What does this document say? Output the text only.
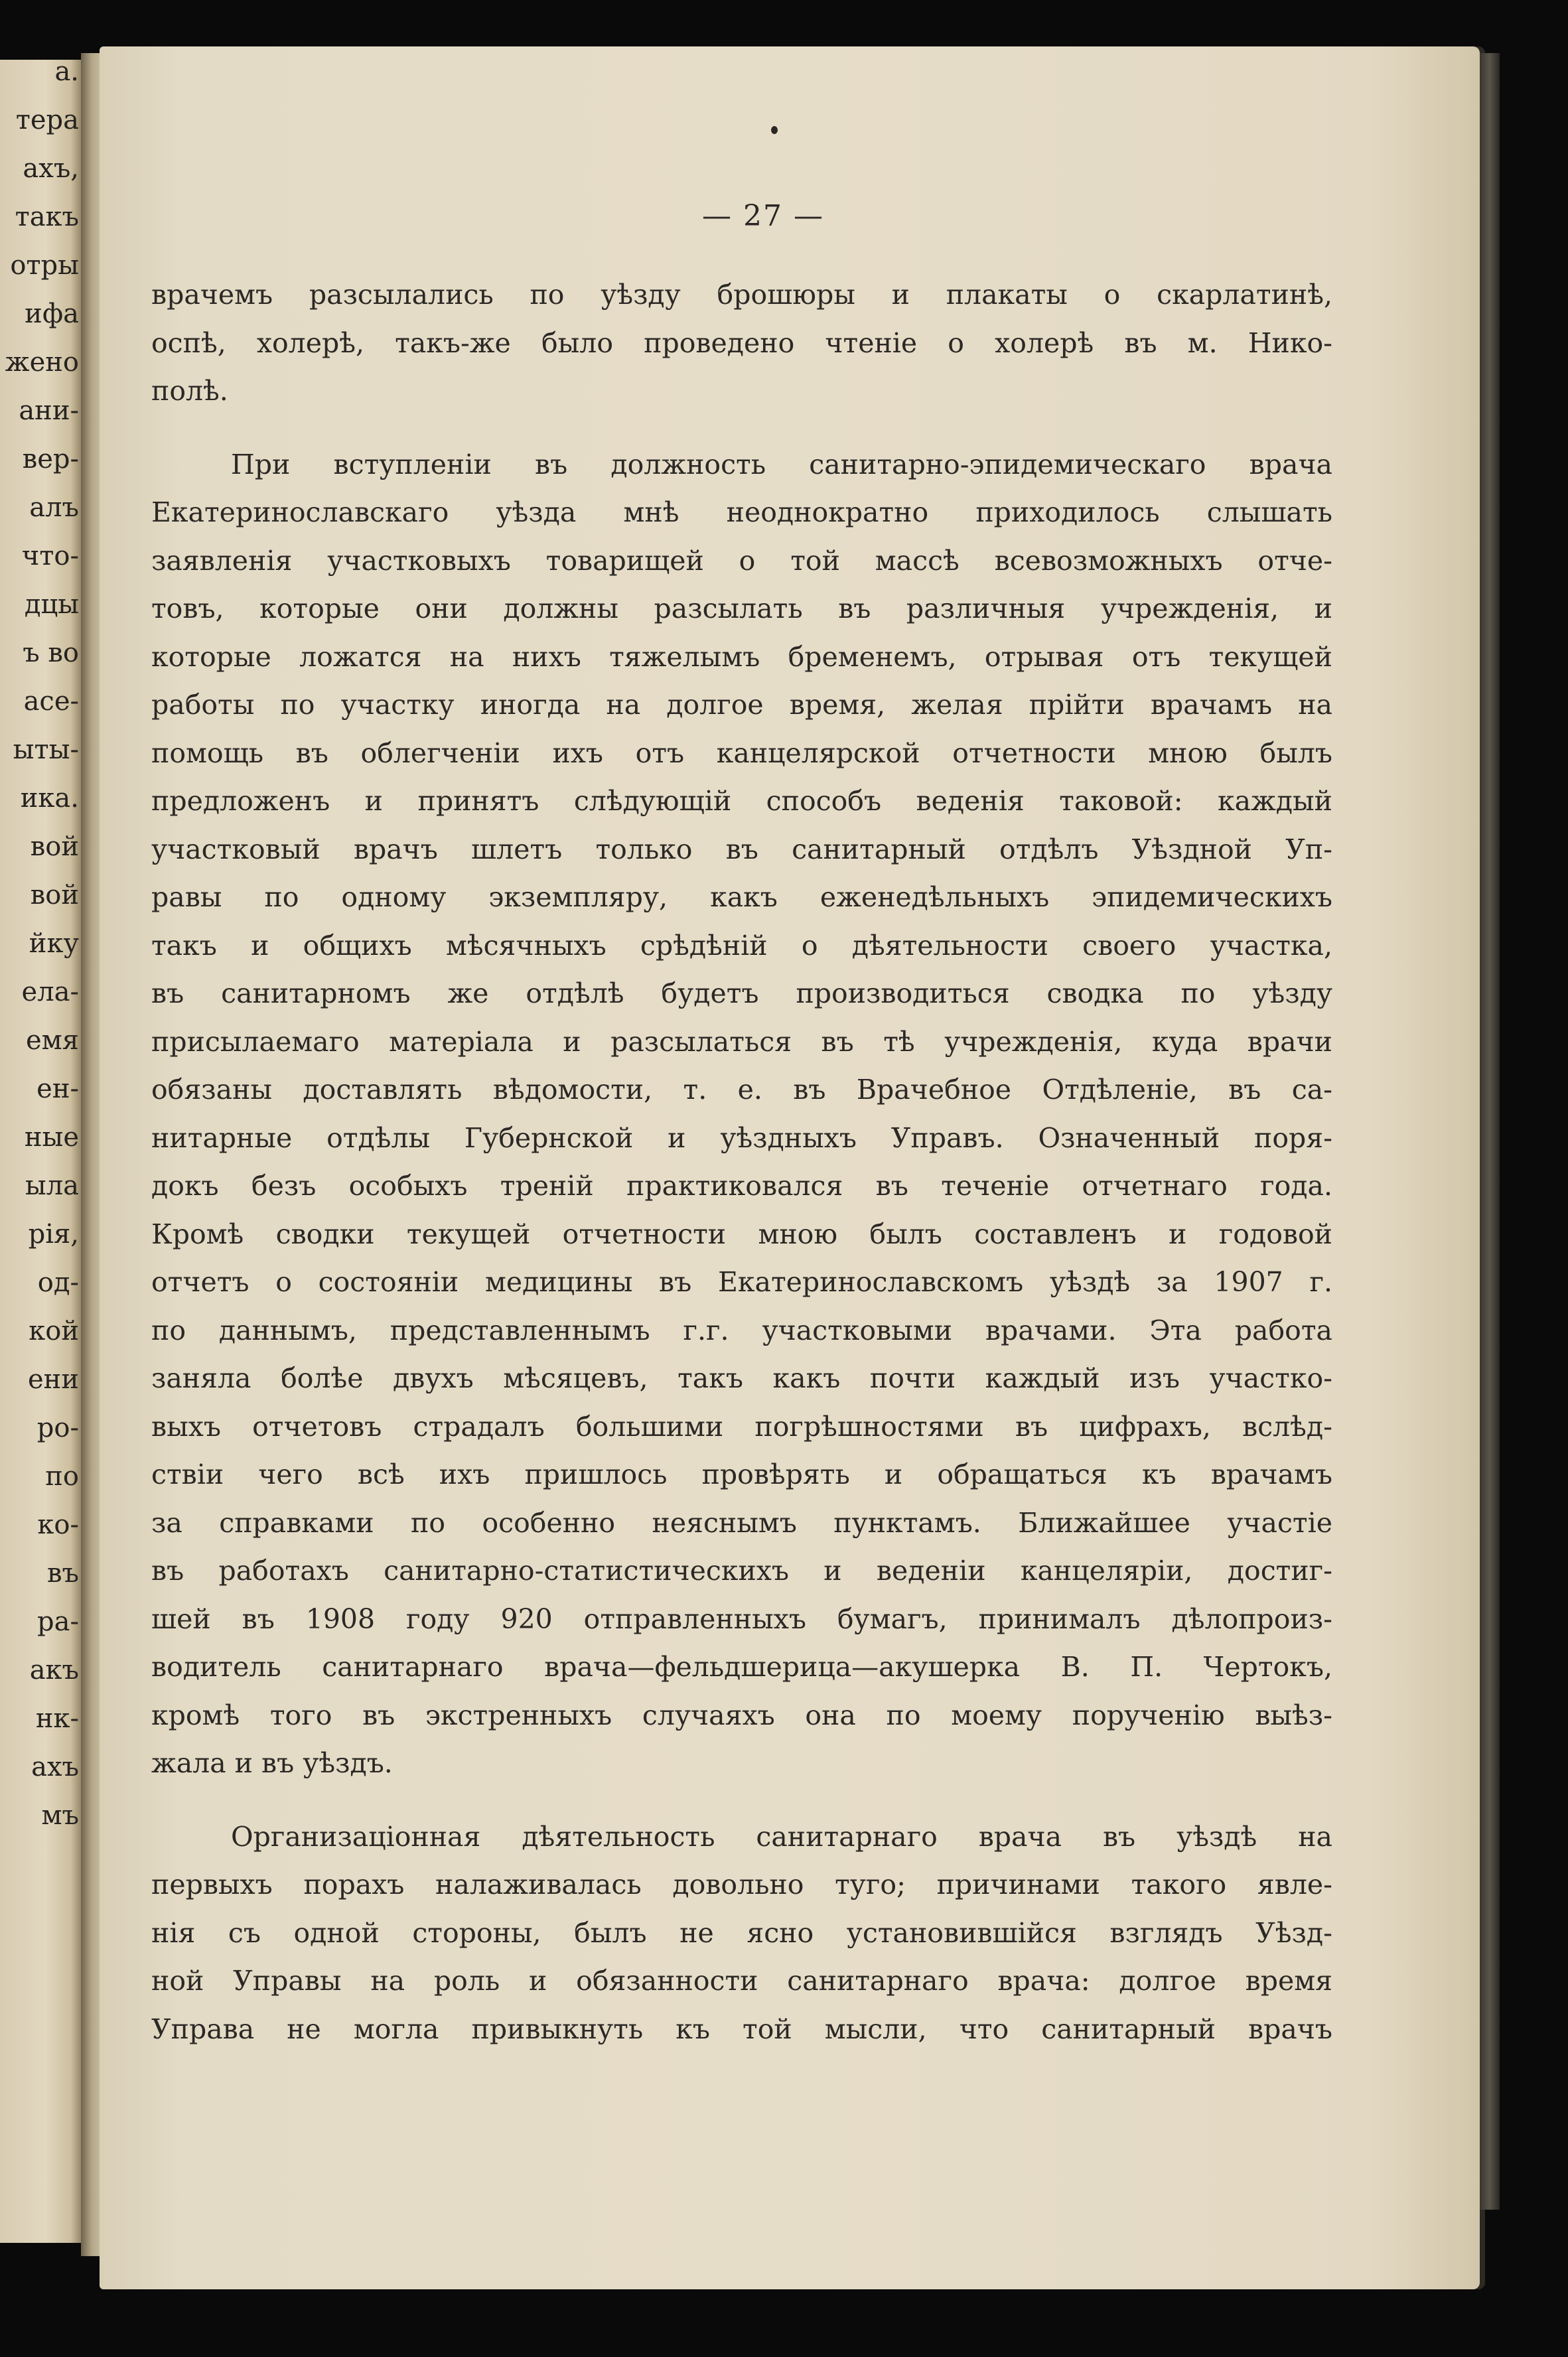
а.
тера
ахъ,
такъ
отры
ифа
жено
ани-
вер-
алъ
что-
дцы
ъ во
асе-
ыты-
ика.
вой
вой
йку
ела-
емя
ен-
ные
ыла
рія,
од-
кой
ени
ро-
по
ко-
въ
ра-
акъ
нк-
ахъ
мъ
— 27 —
врачемъ разсылались по уѣзду брошюры и плакаты о скарлатинѣ,
оспѣ, холерѣ, такъ-же было проведено чтеніе о холерѣ въ м. Нико-
полѣ.
При вступленіи въ должность санитарно-эпидемическаго врача
Екатеринославскаго уѣзда мнѣ неоднократно приходилось слышать
заявленія участковыхъ товарищей о той массѣ всевозможныхъ отче-
товъ, которые они должны разсылать въ различныя учрежденія, и
которые ложатся на нихъ тяжелымъ бременемъ, отрывая отъ текущей
работы по участку иногда на долгое время, желая прійти врачамъ на
помощь въ облегченіи ихъ отъ канцелярской отчетности мною былъ
предложенъ и принятъ слѣдующій способъ веденія таковой: каждый
участковый врачъ шлетъ только въ санитарный отдѣлъ Уѣздной Уп-
равы по одному экземпляру, какъ еженедѣльныхъ эпидемическихъ
такъ и общихъ мѣсячныхъ срѣдѣній о дѣятельности своего участка,
въ санитарномъ же отдѣлѣ будетъ производиться сводка по уѣзду
присылаемаго матеріала и разсылаться въ тѣ учрежденія, куда врачи
обязаны доставлять вѣдомости, т. е. въ Врачебное Отдѣленіе, въ са-
нитарные отдѣлы Губернской и уѣздныхъ Управъ. Означенный поря-
докъ безъ особыхъ треній практиковался въ теченіе отчетнаго года.
Кромѣ сводки текущей отчетности мною былъ составленъ и годовой
отчетъ о состояніи медицины въ Екатеринославскомъ уѣздѣ за 1907 г.
по даннымъ, представленнымъ г.г. участковыми врачами. Эта работа
заняла болѣе двухъ мѣсяцевъ, такъ какъ почти каждый изъ участко-
выхъ отчетовъ страдалъ большими погрѣшностями въ цифрахъ, вслѣд-
ствіи чего всѣ ихъ пришлось провѣрять и обращаться къ врачамъ
за справками по особенно неяснымъ пунктамъ. Ближайшее участіе
въ работахъ санитарно-статистическихъ и веденіи канцеляріи, достиг-
шей въ 1908 году 920 отправленныхъ бумагъ, принималъ дѣлопроиз-
водитель санитарнаго врача—фельдшерица—акушерка В. П. Чертокъ,
кромѣ того въ экстренныхъ случаяхъ она по моему порученію выѣз-
жала и въ уѣздъ.
Организаціонная дѣятельность санитарнаго врача въ уѣздѣ на
первыхъ порахъ налаживалась довольно туго; причинами такого явле-
нія съ одной стороны, былъ не ясно установившійся взглядъ Уѣзд-
ной Управы на роль и обязанности санитарнаго врача: долгое время
Управа не могла привыкнуть къ той мысли, что санитарный врачъ
